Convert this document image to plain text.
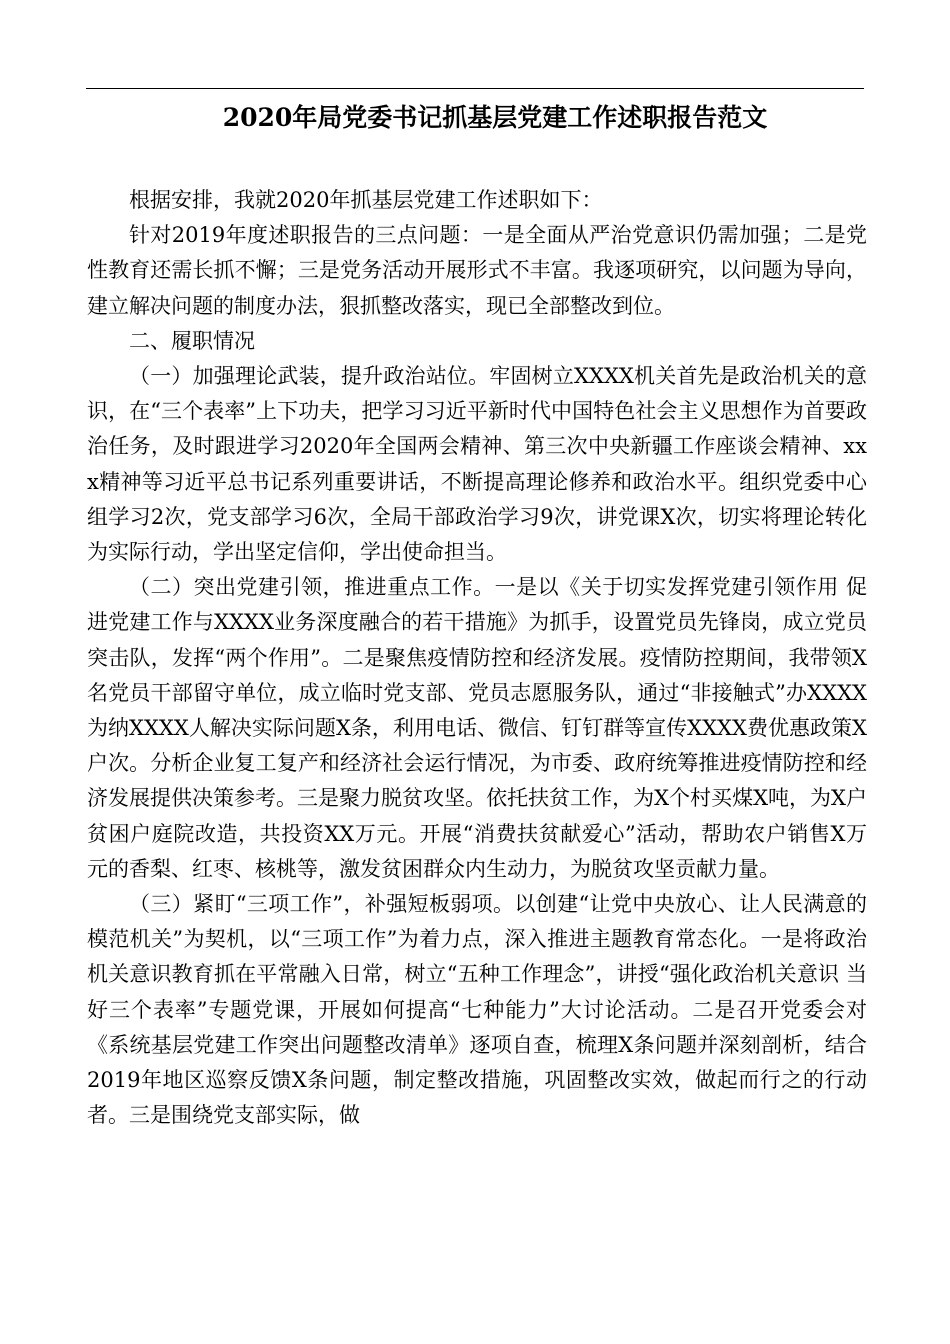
2020年局党委书记抓基层党建工作述职报告范文

根据安排，我就2020年抓基层党建工作述职如下：

针对2019年度述职报告的三点问题：一是全面从严治党意识仍需加强；二是党性教育还需长抓不懈；三是党务活动开展形式不丰富。我逐项研究，以问题为导向，建立解决问题的制度办法，狠抓整改落实，现已全部整改到位。

二、履职情况

（一）加强理论武装，提升政治站位。牢固树立XXXX机关首先是政治机关的意识，在“三个表率”上下功夫，把学习习近平新时代中国特色社会主义思想作为首要政治任务，及时跟进学习2020年全国两会精神、第三次中央新疆工作座谈会精神、xxx精神等习近平总书记系列重要讲话，不断提高理论修养和政治水平。组织党委中心组学习2次，党支部学习6次，全局干部政治学习9次，讲党课X次，切实将理论转化为实际行动，学出坚定信仰，学出使命担当。

（二）突出党建引领，推进重点工作。一是以《关于切实发挥党建引领作用 促进党建工作与XXXX业务深度融合的若干措施》为抓手，设置党员先锋岗，成立党员突击队，发挥“两个作用”。二是聚焦疫情防控和经济发展。疫情防控期间，我带领X名党员干部留守单位，成立临时党支部、党员志愿服务队，通过“非接触式”办XXXX为纳XXXX人解决实际问题X条，利用电话、微信、钉钉群等宣传XXXX费优惠政策X户次。分析企业复工复产和经济社会运行情况，为市委、政府统筹推进疫情防控和经济发展提供决策参考。三是聚力脱贫攻坚。依托扶贫工作，为X个村买煤X吨，为X户贫困户庭院改造，共投资XX万元。开展“消费扶贫献爱心”活动，帮助农户销售X万元的香梨、红枣、核桃等，激发贫困群众内生动力，为脱贫攻坚贡献力量。

（三）紧盯“三项工作”，补强短板弱项。以创建“让党中央放心、让人民满意的模范机关”为契机，以“三项工作”为着力点，深入推进主题教育常态化。一是将政治机关意识教育抓在平常融入日常，树立“五种工作理念”，讲授“强化政治机关意识 当好三个表率”专题党课，开展如何提高“七种能力”大讨论活动。二是召开党委会对《系统基层党建工作突出问题整改清单》逐项自查，梳理X条问题并深刻剖析，结合2019年地区巡察反馈X条问题，制定整改措施，巩固整改实效，做起而行之的行动者。三是围绕党支部实际，做
